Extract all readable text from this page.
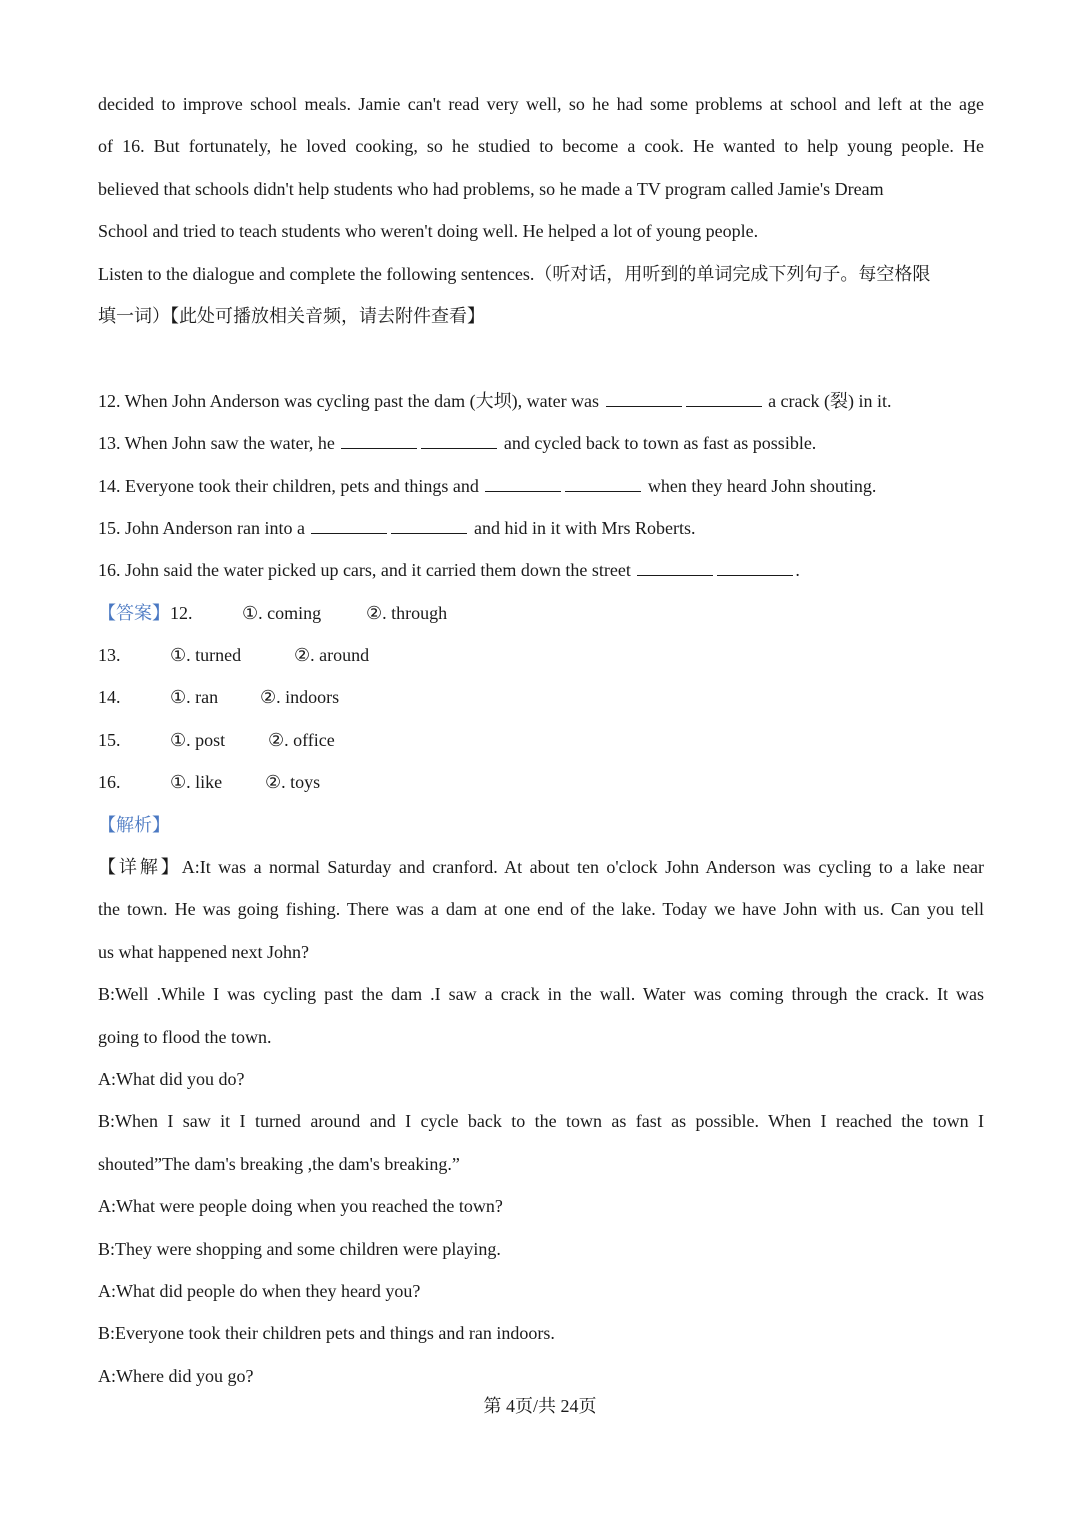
decided to improve school meals. Jamie can't read very well, so he had some problems at school and left at the age
of 16. But fortunately, he loved cooking, so he studied to become a cook. He wanted to help young people. He
believed that schools didn't help students who had problems, so he made a TV program called Jamie's Dream
School and tried to teach students who weren't doing well. He helped a lot of young people.
Listen to the dialogue and complete the following sentences.（听对话，用听到的单词完成下列句子。每空格限
填一词）【此处可播放相关音频，请去附件查看】
12. When John Anderson was cycling past the dam (大坝), water was	a crack (裂) in it.
13. When John saw the water, he	and cycled back to town as fast as possible.
14. Everyone took their children, pets and things and	when they heard John shouting.
15. John Anderson ran into a	and hid in it with Mrs Roberts.
16. John said the water picked up cars, and it carried them down the street	.
【答案】12.	①. coming ②. through
13.	①. turned	②. around
14.	①. ran ②. indoors
15.	①. post ②. office
16.	①. like ②. toys
【解析】
【详解】A:It was a normal Saturday and cranford. At about ten o'clock John Anderson was cycling to a lake near
the town. He was going fishing. There was a dam at one end of the lake. Today we have John with us. Can you tell
us what happened next John?
B:Well .While I was cycling past the dam .I saw a crack in the wall. Water was coming through the crack. It was
going to flood the town.
A:What did you do?
B:When I saw it I turned around and I cycle back to the town as fast as possible. When I reached the town I
shouted”The dam's breaking ,the dam's breaking.”
A:What were people doing when you reached the town?
B:They were shopping and some children were playing.
A:What did people do when they heard you?
B:Everyone took their children pets and things and ran indoors.
A:Where did you go?
第 4页/共 24页
